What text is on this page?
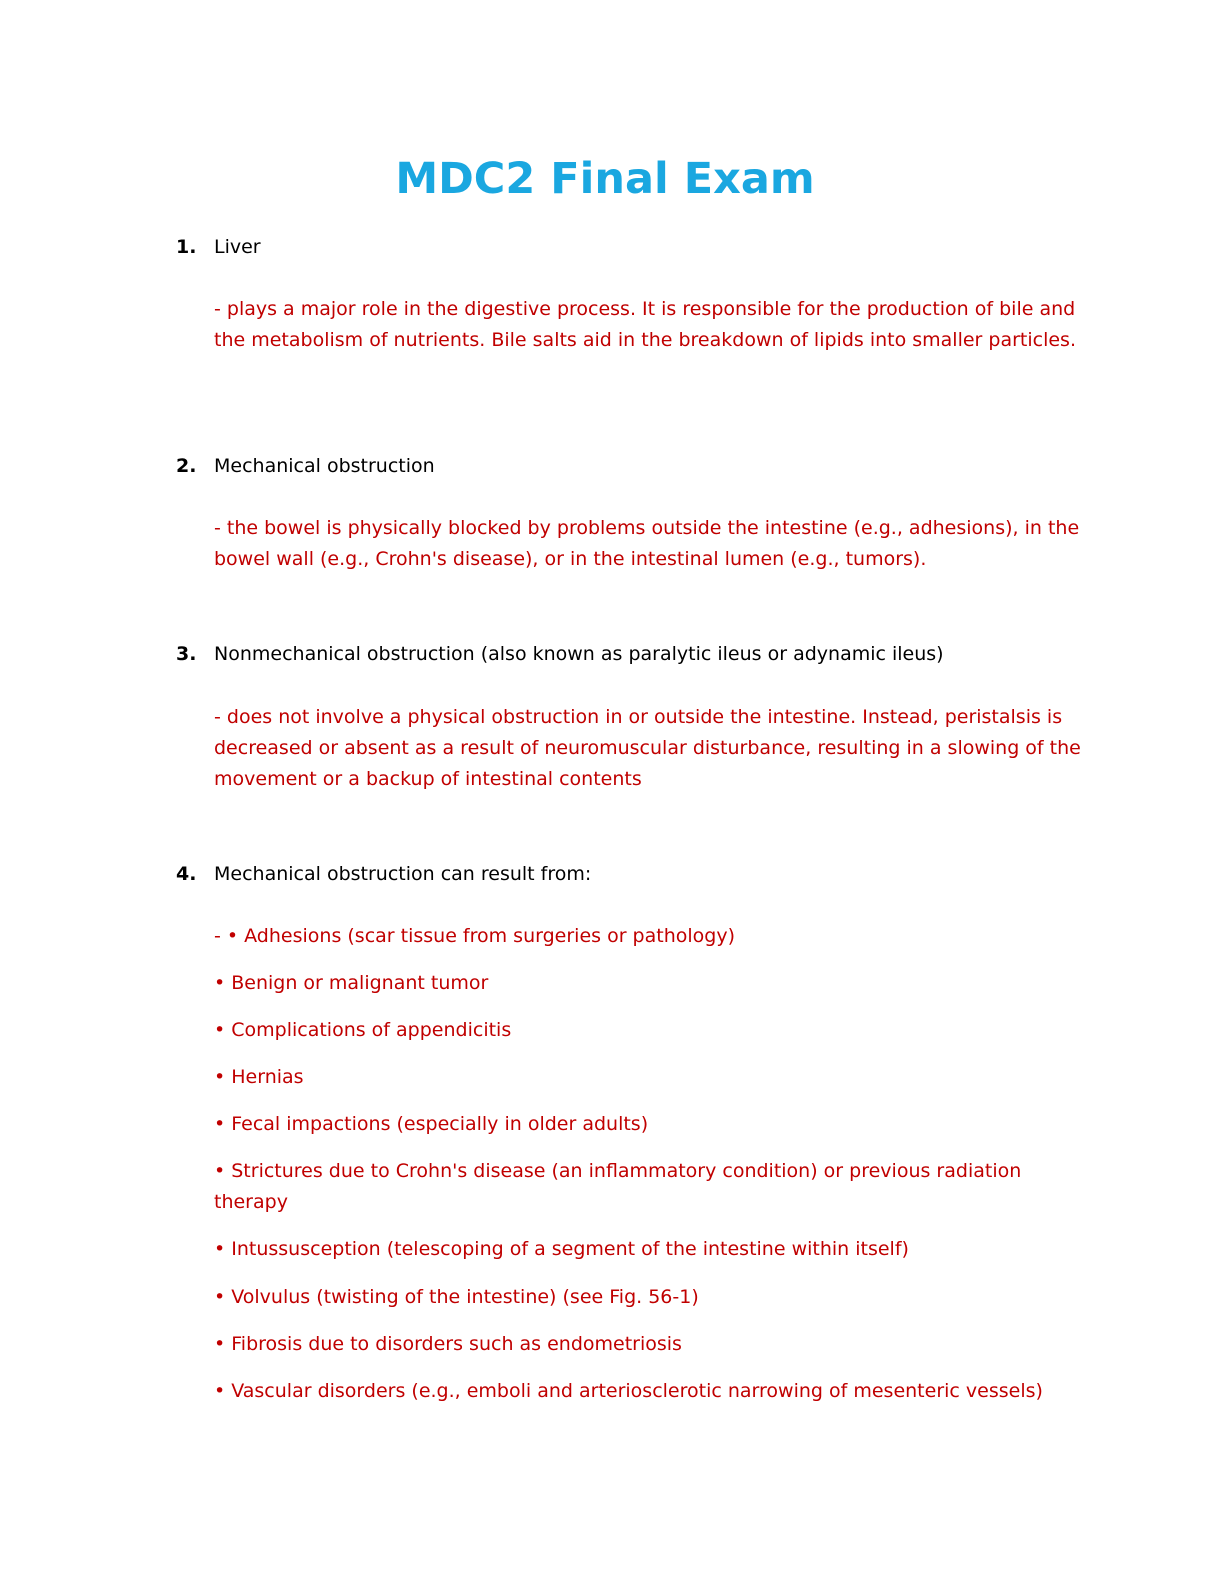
MDC2 Final Exam
1. Liver
- plays a major role in the digestive process. It is responsible for the production of bile and the metabolism of nutrients. Bile salts aid in the breakdown of lipids into smaller particles.
2. Mechanical obstruction
- the bowel is physically blocked by problems outside the intestine (e.g., adhesions), in the bowel wall (e.g., Crohn's disease), or in the intestinal lumen (e.g., tumors).
3. Nonmechanical obstruction (also known as paralytic ileus or adynamic ileus)
- does not involve a physical obstruction in or outside the intestine. Instead, peristalsis is decreased or absent as a result of neuromuscular disturbance, resulting in a slowing of the movement or a backup of intestinal contents
4. Mechanical obstruction can result from:
- • Adhesions (scar tissue from surgeries or pathology)
• Benign or malignant tumor
• Complications of appendicitis
• Hernias
• Fecal impactions (especially in older adults)
• Strictures due to Crohn's disease (an inflammatory condition) or previous radiation therapy
• Intussusception (telescoping of a segment of the intestine within itself)
• Volvulus (twisting of the intestine) (see Fig. 56-1)
• Fibrosis due to disorders such as endometriosis
• Vascular disorders (e.g., emboli and arteriosclerotic narrowing of mesenteric vessels)
